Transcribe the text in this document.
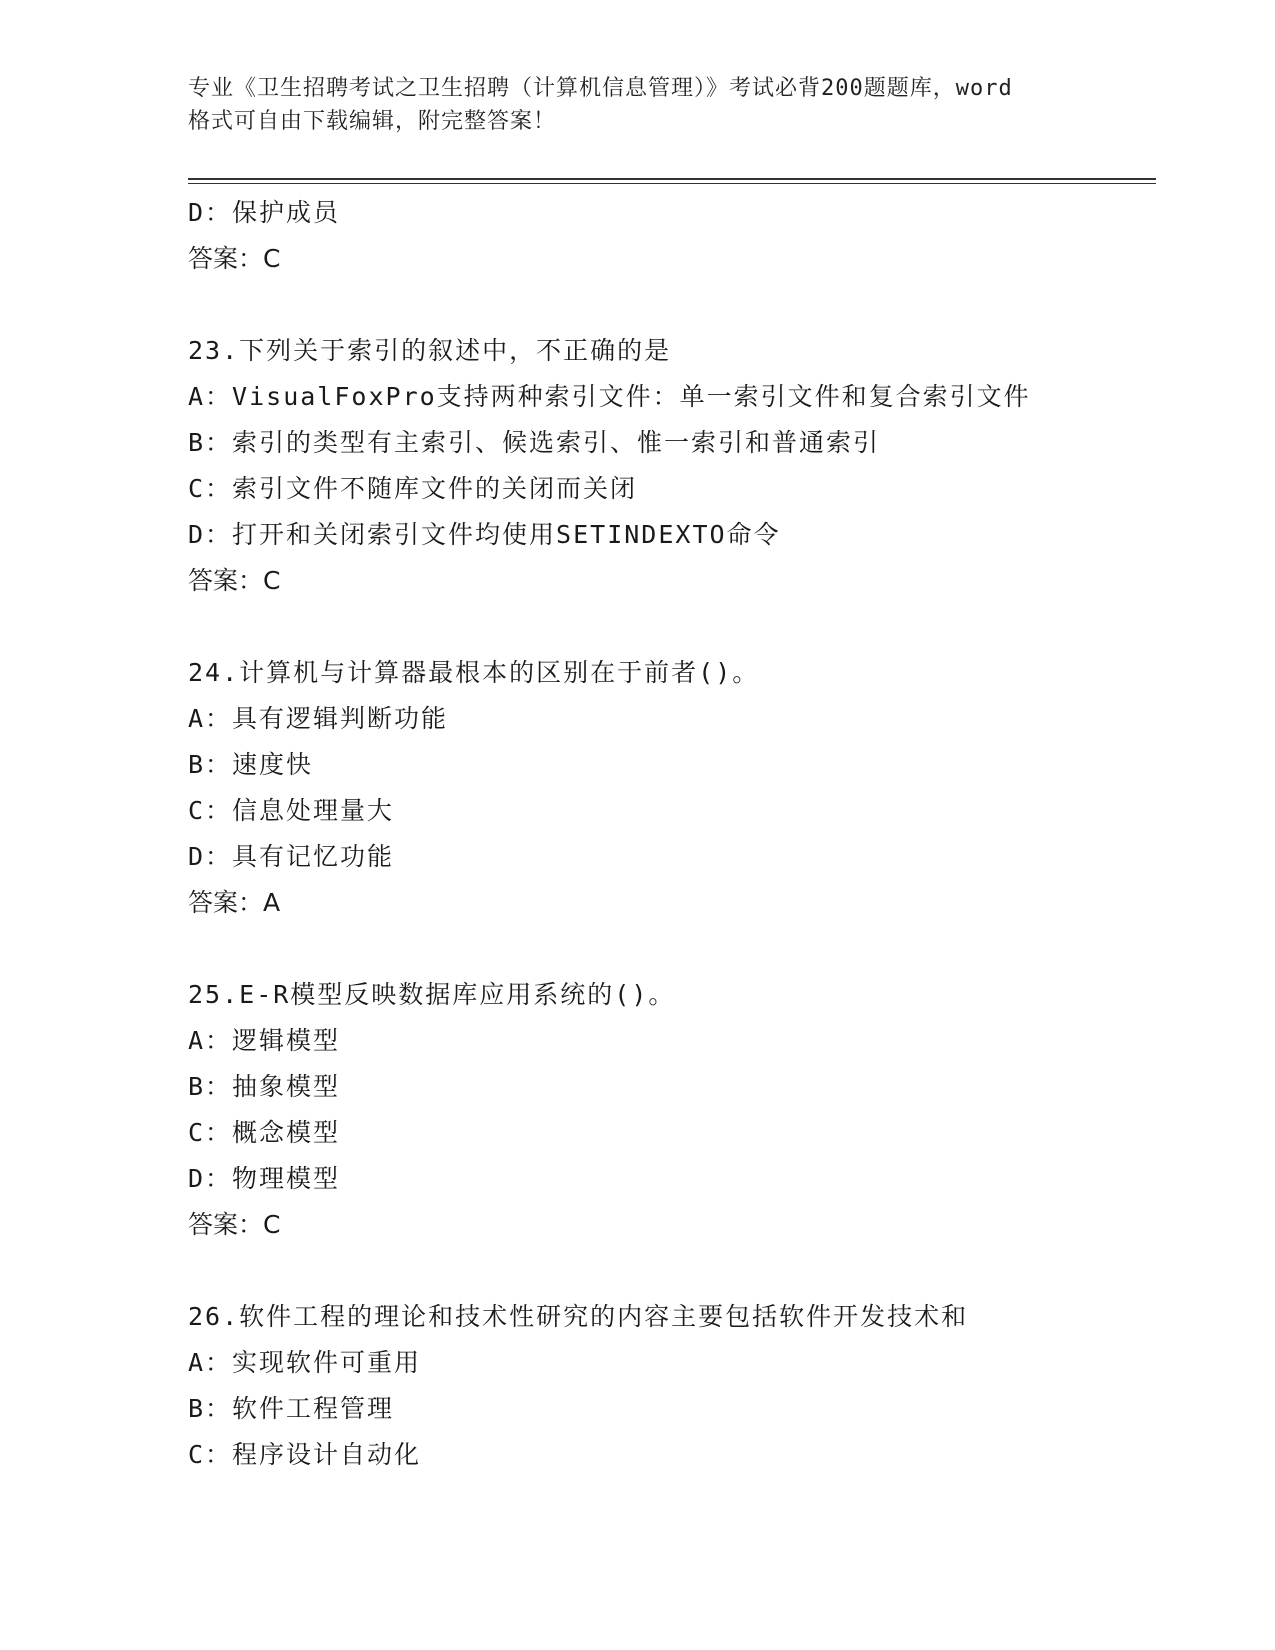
专业《卫生招聘考试之卫生招聘（计算机信息管理）》考试必背200题题库，word
格式可自由下载编辑，附完整答案！
D：保护成员
答案：C
23.下列关于索引的叙述中，不正确的是
A：VisualFoxPro支持两种索引文件：单一索引文件和复合索引文件
B：索引的类型有主索引、候选索引、惟一索引和普通索引
C：索引文件不随库文件的关闭而关闭
D：打开和关闭索引文件均使用SETINDEXTO命令
答案：C
24.计算机与计算器最根本的区别在于前者()。
A：具有逻辑判断功能
B：速度快
C：信息处理量大
D：具有记忆功能
答案：A
25.E-R模型反映数据库应用系统的()。
A：逻辑模型
B：抽象模型
C：概念模型
D：物理模型
答案：C
26.软件工程的理论和技术性研究的内容主要包括软件开发技术和
A：实现软件可重用
B：软件工程管理
C：程序设计自动化
